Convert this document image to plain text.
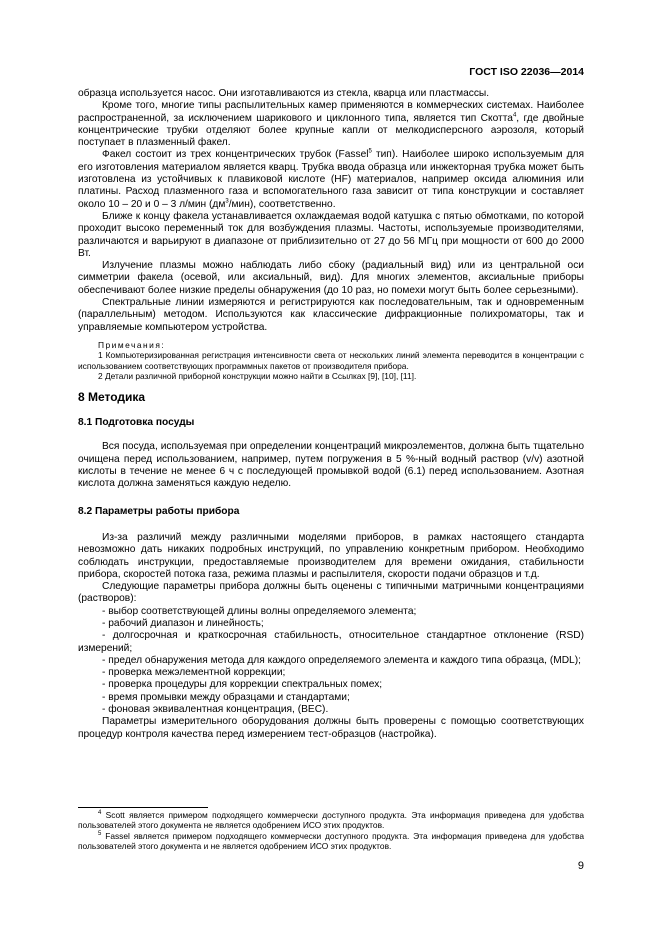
ГОСТ ISO 22036—2014

образца используется насос. Они изготавливаются из стекла, кварца или пластмассы.

Кроме того, многие типы распылительных камер применяются в коммерческих системах. Наиболее распространенной, за исключением шарикового и циклонного типа, является тип Скотта$^4$, где двойные концентрические трубки отделяют более крупные капли от мелкодисперсного аэрозоля, который поступает в плазменный факел.

Факел состоит из трех концентрических трубок (Fassel$^5$ тип). Наиболее широко используемым для его изготовления материалом является кварц. Трубка ввода образца или инжекторная трубка может быть изготовлена из устойчивых к плавиковой кислоте (HF) материалов, например оксида алюминия или платины. Расход плазменного газа и вспомогательного газа зависит от типа конструкции и составляет около 10 – 20 и 0 – 3 л/мин $(дм^3/мин)$, соответственно.

Ближе к концу факела устанавливается охлаждаемая водой катушка с пятью обмотками, по которой проходит высоко переменный ток для возбуждения плазмы. Частоты, используемые производителями, различаются и варьируют в диапазоне от приблизительно от 27 до 56 МГц при мощности от 600 до 2000 Вт.

Излучение плазмы можно наблюдать либо сбоку (радиальный вид) или из центральной оси симметрии факела (осевой, или аксиальный, вид). Для многих элементов, аксиальные приборы обеспечивают более низкие пределы обнаружения (до 10 раз, но помехи могут быть более серьезными).

Спектральные линии измеряются и регистрируются как последовательным, так и одновременным (параллельным) методом. Используются как классические дифракционные полихроматоры, так и управляемые компьютером устройства.

Примечания:

1 Компьютеризированная регистрация интенсивности света от нескольких линий элемента переводится в концентрации с использованием соответствующих программных пакетов от производителя прибора.

2 Детали различной приборной конструкции можно найти в Ссылках [9], [10], [11].

8 Методика
8.1 Подготовка посуды

Вся посуда, используемая при определении концентраций микроэлементов, должна быть тщательно очищена перед использованием, например, путем погружения в 5 %-ный водный раствор (v/v) азотной кислоты в течение не менее 6 ч с последующей промывкой водой (6.1) перед использованием. Азотная кислота должна заменяться каждую неделю.

8.2 Параметры работы прибора

Из-за различий между различными моделями приборов, в рамках настоящего стандарта невозможно дать никаких подробных инструкций, по управлению конкретным прибором. Необходимо соблюдать инструкции, предоставляемые производителем для времени ожидания, стабильности прибора, скоростей потока газа, режима плазмы и распылителя, скорости подачи образцов и т.д.

Следующие параметры прибора должны быть оценены с типичными матричными концентрациями (растворов):

- выбор соответствующей длины волны определяемого элемента;

- рабочий диапазон и линейность;

- долгосрочная и краткосрочная стабильность, относительное стандартное отклонение (RSD) измерений;

- предел обнаружения метода для каждого определяемого элемента и каждого типа образца, (MDL);

- проверка межэлементной коррекции;

- проверка процедуры для коррекции спектральных помех;

- время промывки между образцами и стандартами;

- фоновая эквивалентная концентрация, (BEC).

Параметры измерительного оборудования должны быть проверены с помощью соответствующих процедур контроля качества перед измерением тест-образцов (настройка).

$^4$ Scott является примером подходящего коммерчески доступного продукта. Эта информация приведена для удобства пользователей этого документа не является одобрением ИСО этих продуктов.

$^5$ Fassel является примером подходящего коммерчески доступного продукта. Эта информация приведена для удобства пользователей этого документа и не является одобрением ИСО этих продуктов.

9
